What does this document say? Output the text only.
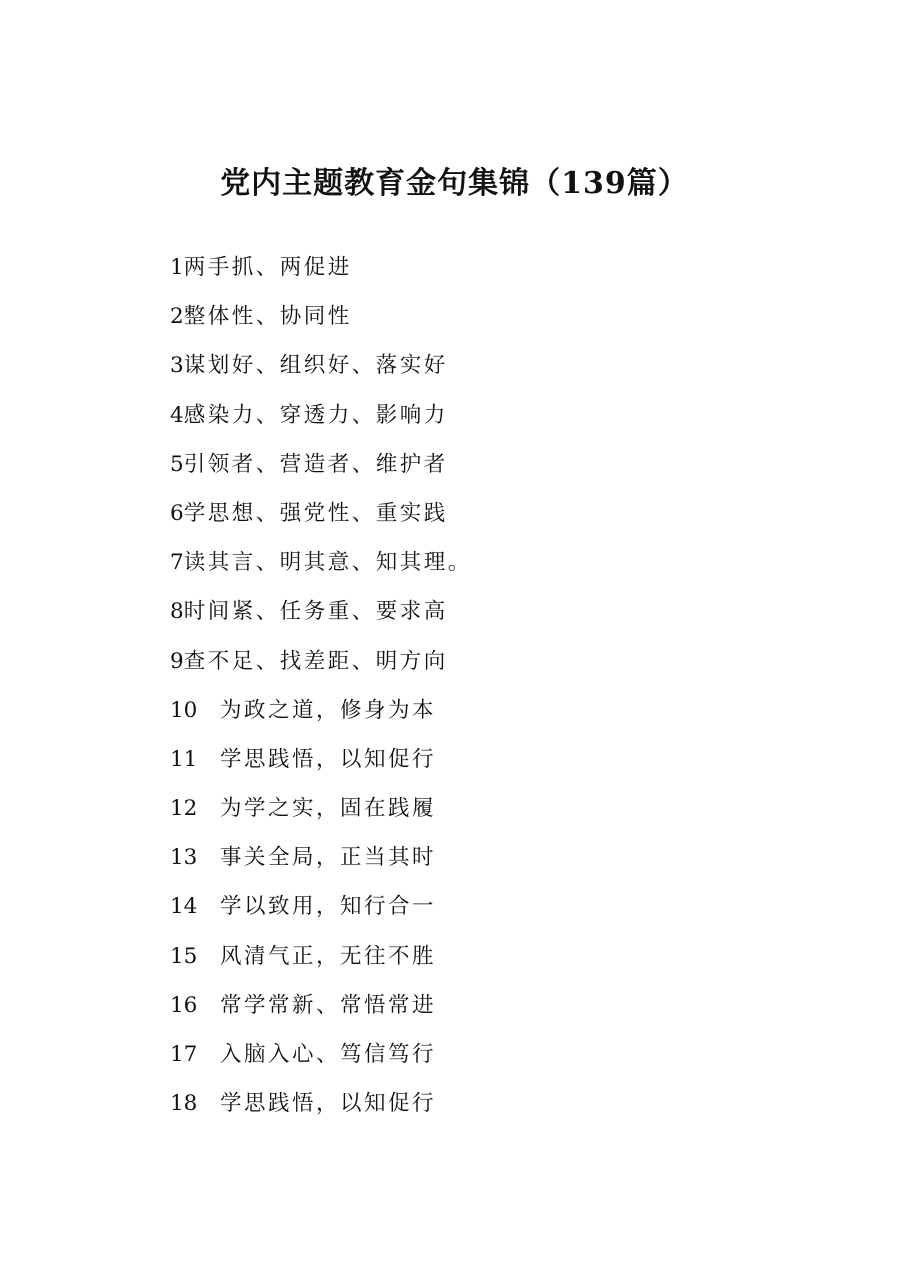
党内主题教育金句集锦（139篇）
1 两手抓、两促进
2 整体性、协同性
3 谋划好、组织好、落实好
4 感染力、穿透力、影响力
5 引领者、营造者、维护者
6 学思想、强党性、重实践
7 读其言、明其意、知其理。
8 时间紧、任务重、要求高
9 查不足、找差距、明方向
10	为政之道，修身为本
11	学思践悟，以知促行
12	为学之实，固在践履
13	事关全局，正当其时
14	学以致用，知行合一
15	风清气正，无往不胜
16	常学常新、常悟常进
17	入脑入心、笃信笃行
18	学思践悟，以知促行
